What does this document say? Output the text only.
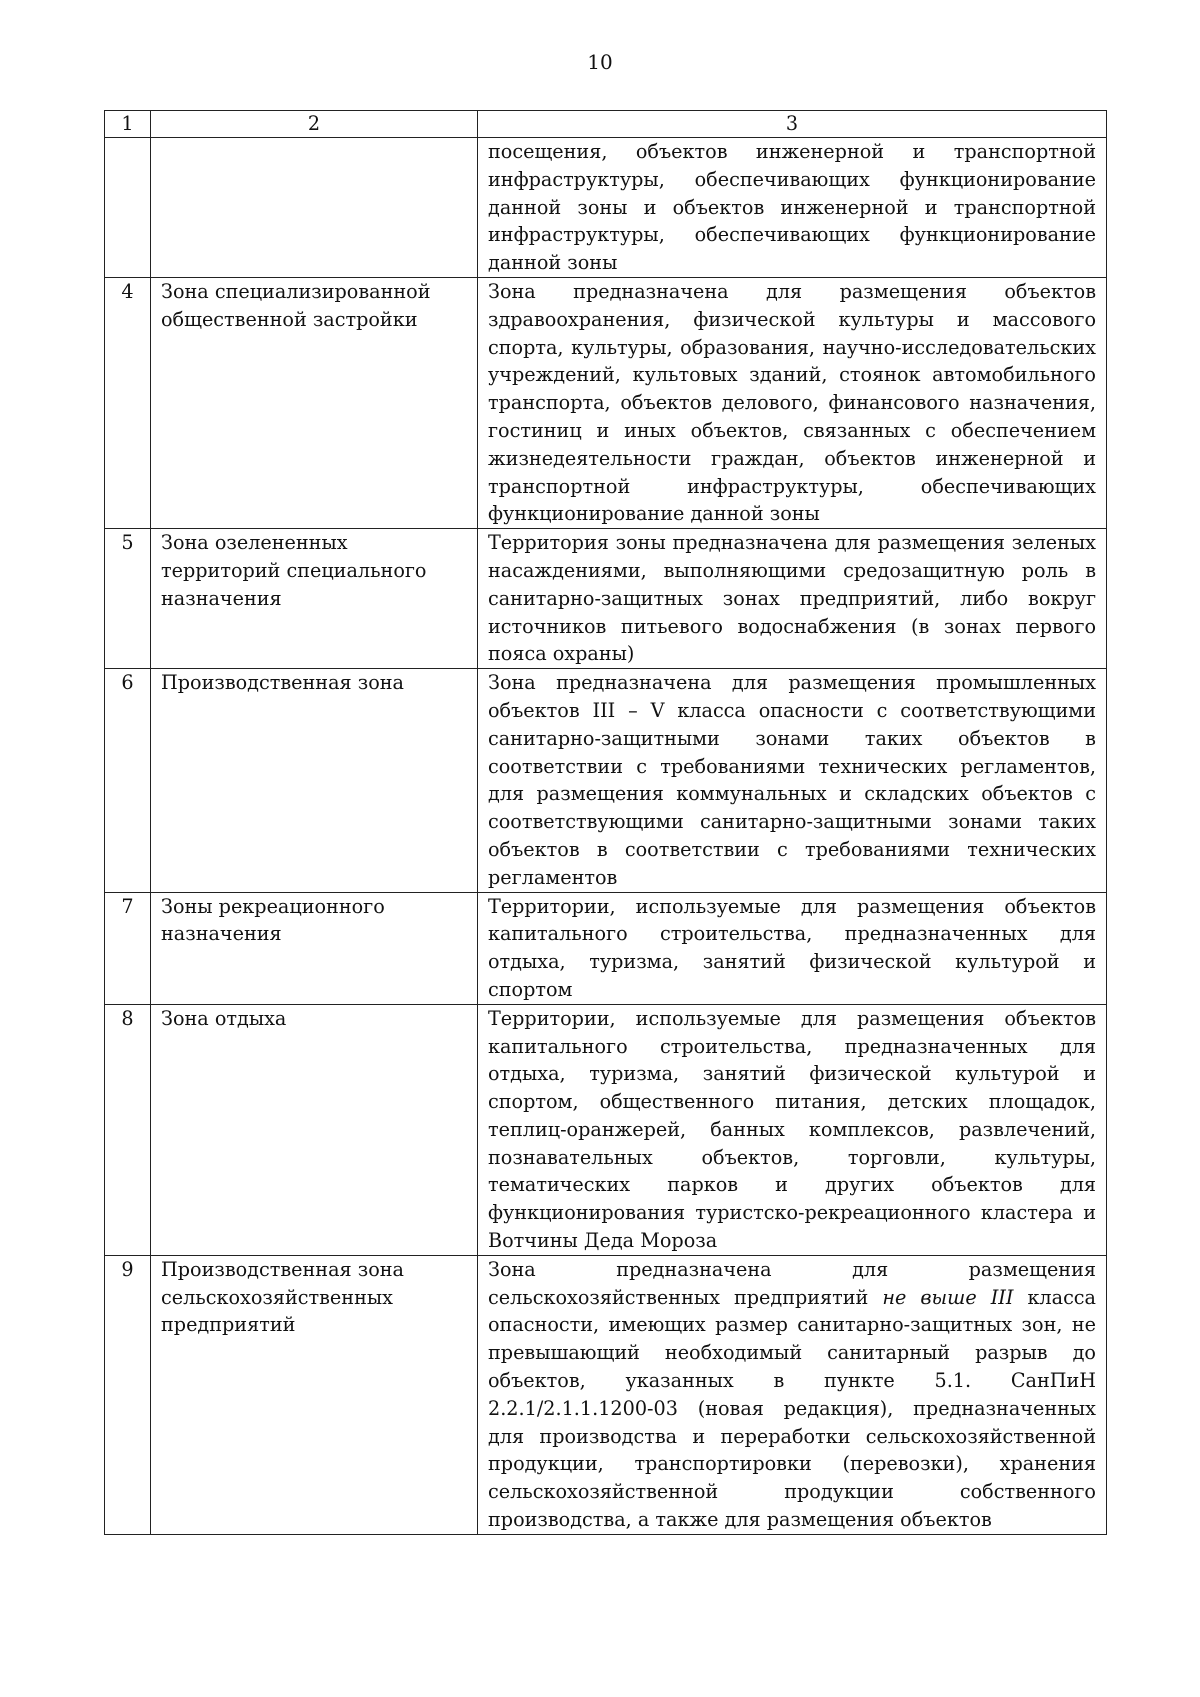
10
1	2	3
		посещения, объектов инженерной и транспортной инфраструктуры, обеспечивающих функционирование данной зоны и объектов инженерной и транспортной инфраструктуры, обеспечивающих функционирование данной зоны
4	Зона специализированной общественной застройки	Зона предназначена для размещения объектов здравоохранения, физической культуры и массового спорта, культуры, образования, научно-исследовательских учреждений, культовых зданий, стоянок автомобильного транспорта, объектов делового, финансового назначения, гостиниц и иных объектов, связанных с обеспечением жизнедеятельности граждан, объектов инженерной и транспортной инфраструктуры, обеспечивающих функционирование данной зоны
5	Зона озелененных территорий специального назначения	Территория зоны предназначена для размещения зеленых насаждениями, выполняющими средозащитную роль в санитарно-защитных зонах предприятий, либо вокруг источников питьевого водоснабжения (в зонах первого пояса охраны)
6	Производственная зона	Зона предназначена для размещения промышленных объектов III – V класса опасности с соответствующими санитарно-защитными зонами таких объектов в соответствии с требованиями технических регламентов, для размещения коммунальных и складских объектов с соответствующими санитарно-защитными зонами таких объектов в соответствии с требованиями технических регламентов
7	Зоны рекреационного назначения	Территории, используемые для размещения объектов капитального строительства, предназначенных для отдыха, туризма, занятий физической культурой и спортом
8	Зона отдыха	Территории, используемые для размещения объектов капитального строительства, предназначенных для отдыха, туризма, занятий физической культурой и спортом, общественного питания, детских площадок, теплиц-оранжерей, банных комплексов, развлечений, познавательных объектов, торговли, культуры, тематических парков и других объектов для функционирования туристско-рекреационного кластера и Вотчины Деда Мороза
9	Производственная зона сельскохозяйственных предприятий	Зона предназначена для размещения сельскохозяйственных предприятий не выше III класса опасности, имеющих размер санитарно-защитных зон, не превышающий необходимый санитарный разрыв до объектов, указанных в пункте 5.1. СанПиН 2.2.1/2.1.1.1200-03 (новая редакция), предназначенных для производства и переработки сельскохозяйственной продукции, транспортировки (перевозки), хранения сельскохозяйственной продукции собственного производства, а также для размещения объектов
